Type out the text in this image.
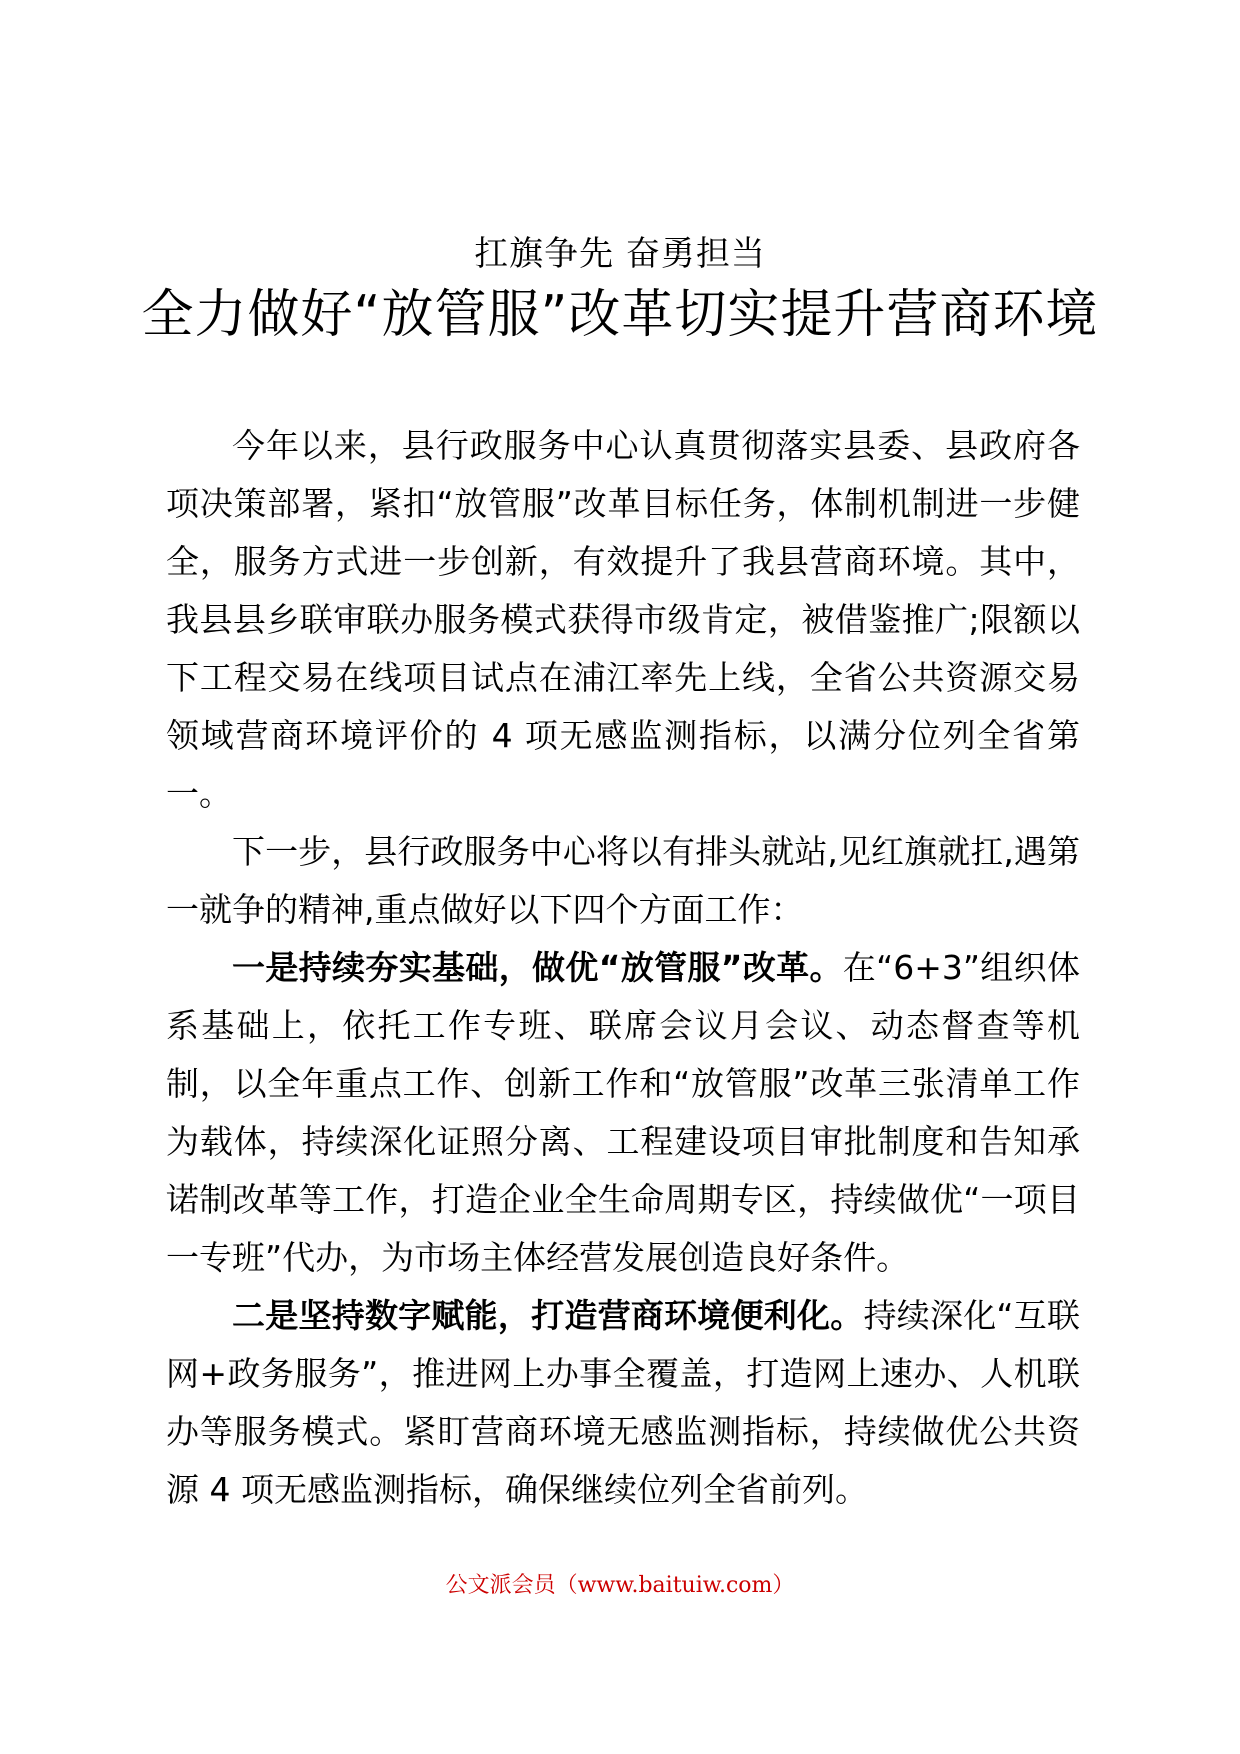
扛旗争先 奋勇担当
全力做好“放管服”改革切实提升营商环境

今年以来，县行政服务中心认真贯彻落实县委、县政府各项决策部署，紧扣“放管服”改革目标任务，体制机制进一步健全，服务方式进一步创新，有效提升了我县营商环境。其中，我县县乡联审联办服务模式获得市级肯定，被借鉴推广;限额以下工程交易在线项目试点在浦江率先上线，全省公共资源交易领域营商环境评价的 4 项无感监测指标，以满分位列全省第一。

下一步，县行政服务中心将以有排头就站,见红旗就扛,遇第一就争的精神,重点做好以下四个方面工作：

一是持续夯实基础，做优“放管服”改革。在“6+3”组织体系基础上，依托工作专班、联席会议月会议、动态督查等机制，以全年重点工作、创新工作和“放管服”改革三张清单工作为载体，持续深化证照分离、工程建设项目审批制度和告知承诺制改革等工作，打造企业全生命周期专区，持续做优“一项目一专班”代办，为市场主体经营发展创造良好条件。

二是坚持数字赋能，打造营商环境便利化。持续深化“互联网+政务服务”，推进网上办事全覆盖，打造网上速办、人机联办等服务模式。紧盯营商环境无感监测指标，持续做优公共资源 4 项无感监测指标，确保继续位列全省前列。

公文派会员（www.baituiw.com）
